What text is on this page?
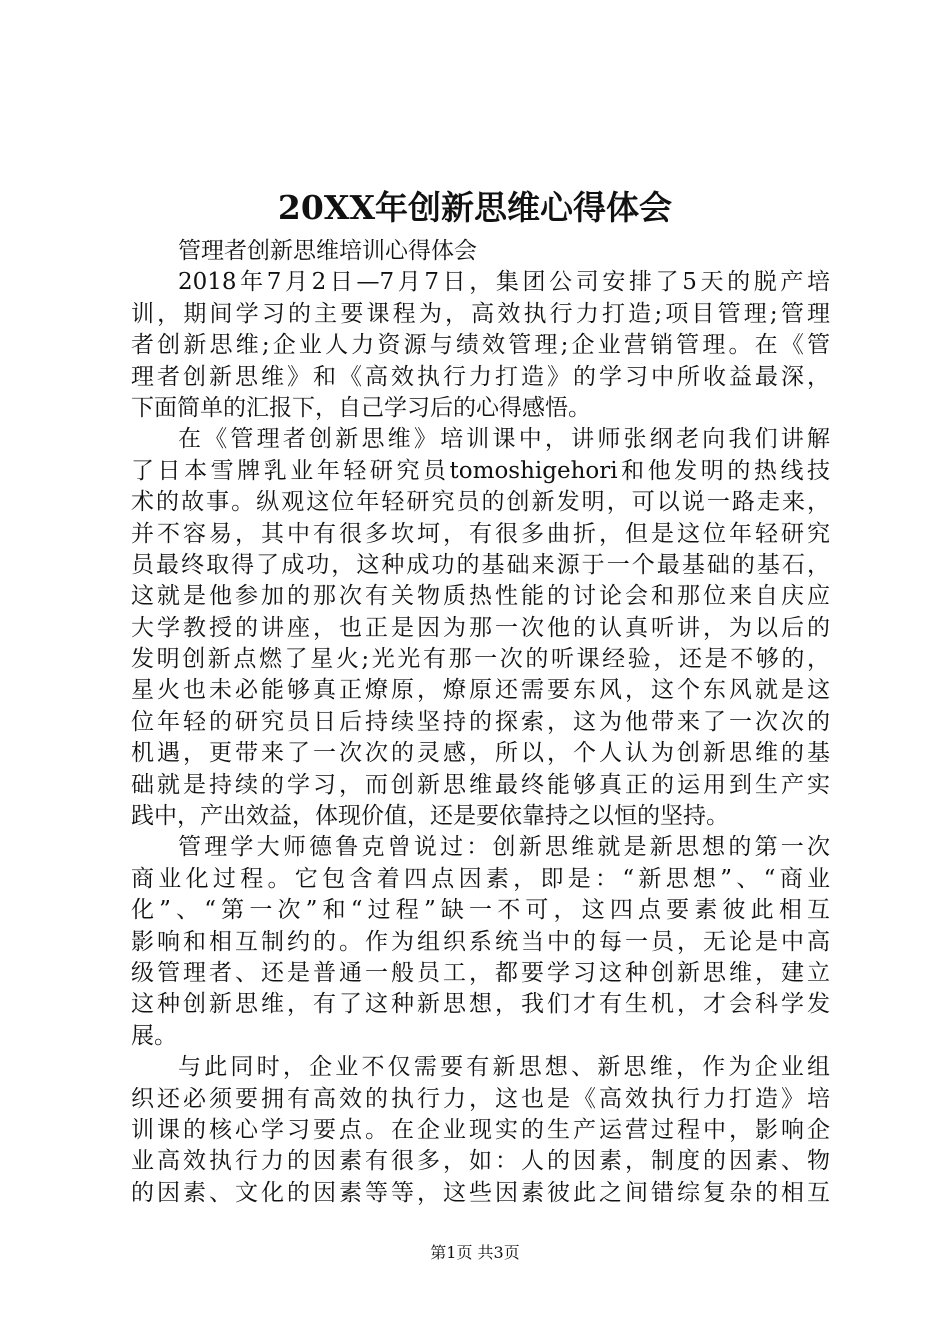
20XX年创新思维心得体会
管理者创新思维培训心得体会
2018年7月2日—7月7日，集团公司安排了5天的脱产培
训，期间学习的主要课程为，高效执行力打造;项目管理;管理
者创新思维;企业人力资源与绩效管理;企业营销管理。在《管
理者创新思维》和《高效执行力打造》的学习中所收益最深，
下面简单的汇报下，自己学习后的心得感悟。
在《管理者创新思维》培训课中，讲师张纲老向我们讲解
了日本雪牌乳业年轻研究员tomoshigehori和他发明的热线技
术的故事。纵观这位年轻研究员的创新发明，可以说一路走来，
并不容易，其中有很多坎坷，有很多曲折，但是这位年轻研究
员最终取得了成功，这种成功的基础来源于一个最基础的基石，
这就是他参加的那次有关物质热性能的讨论会和那位来自庆应
大学教授的讲座，也正是因为那一次他的认真听讲，为以后的
发明创新点燃了星火;光光有那一次的听课经验，还是不够的，
星火也未必能够真正燎原，燎原还需要东风，这个东风就是这
位年轻的研究员日后持续坚持的探索，这为他带来了一次次的
机遇，更带来了一次次的灵感，所以，个人认为创新思维的基
础就是持续的学习，而创新思维最终能够真正的运用到生产实
践中，产出效益，体现价值，还是要依靠持之以恒的坚持。
管理学大师德鲁克曾说过：创新思维就是新思想的第一次
商业化过程。它包含着四点因素，即是：“新思想”、“商业
化”、“第一次”和“过程”缺一不可，这四点要素彼此相互
影响和相互制约的。作为组织系统当中的每一员，无论是中高
级管理者、还是普通一般员工，都要学习这种创新思维，建立
这种创新思维，有了这种新思想，我们才有生机，才会科学发
展。
与此同时，企业不仅需要有新思想、新思维，作为企业组
织还必须要拥有高效的执行力，这也是《高效执行力打造》培
训课的核心学习要点。在企业现实的生产运营过程中，影响企
业高效执行力的因素有很多，如：人的因素，制度的因素、物
的因素、文化的因素等等，这些因素彼此之间错综复杂的相互
第1页 共3页
